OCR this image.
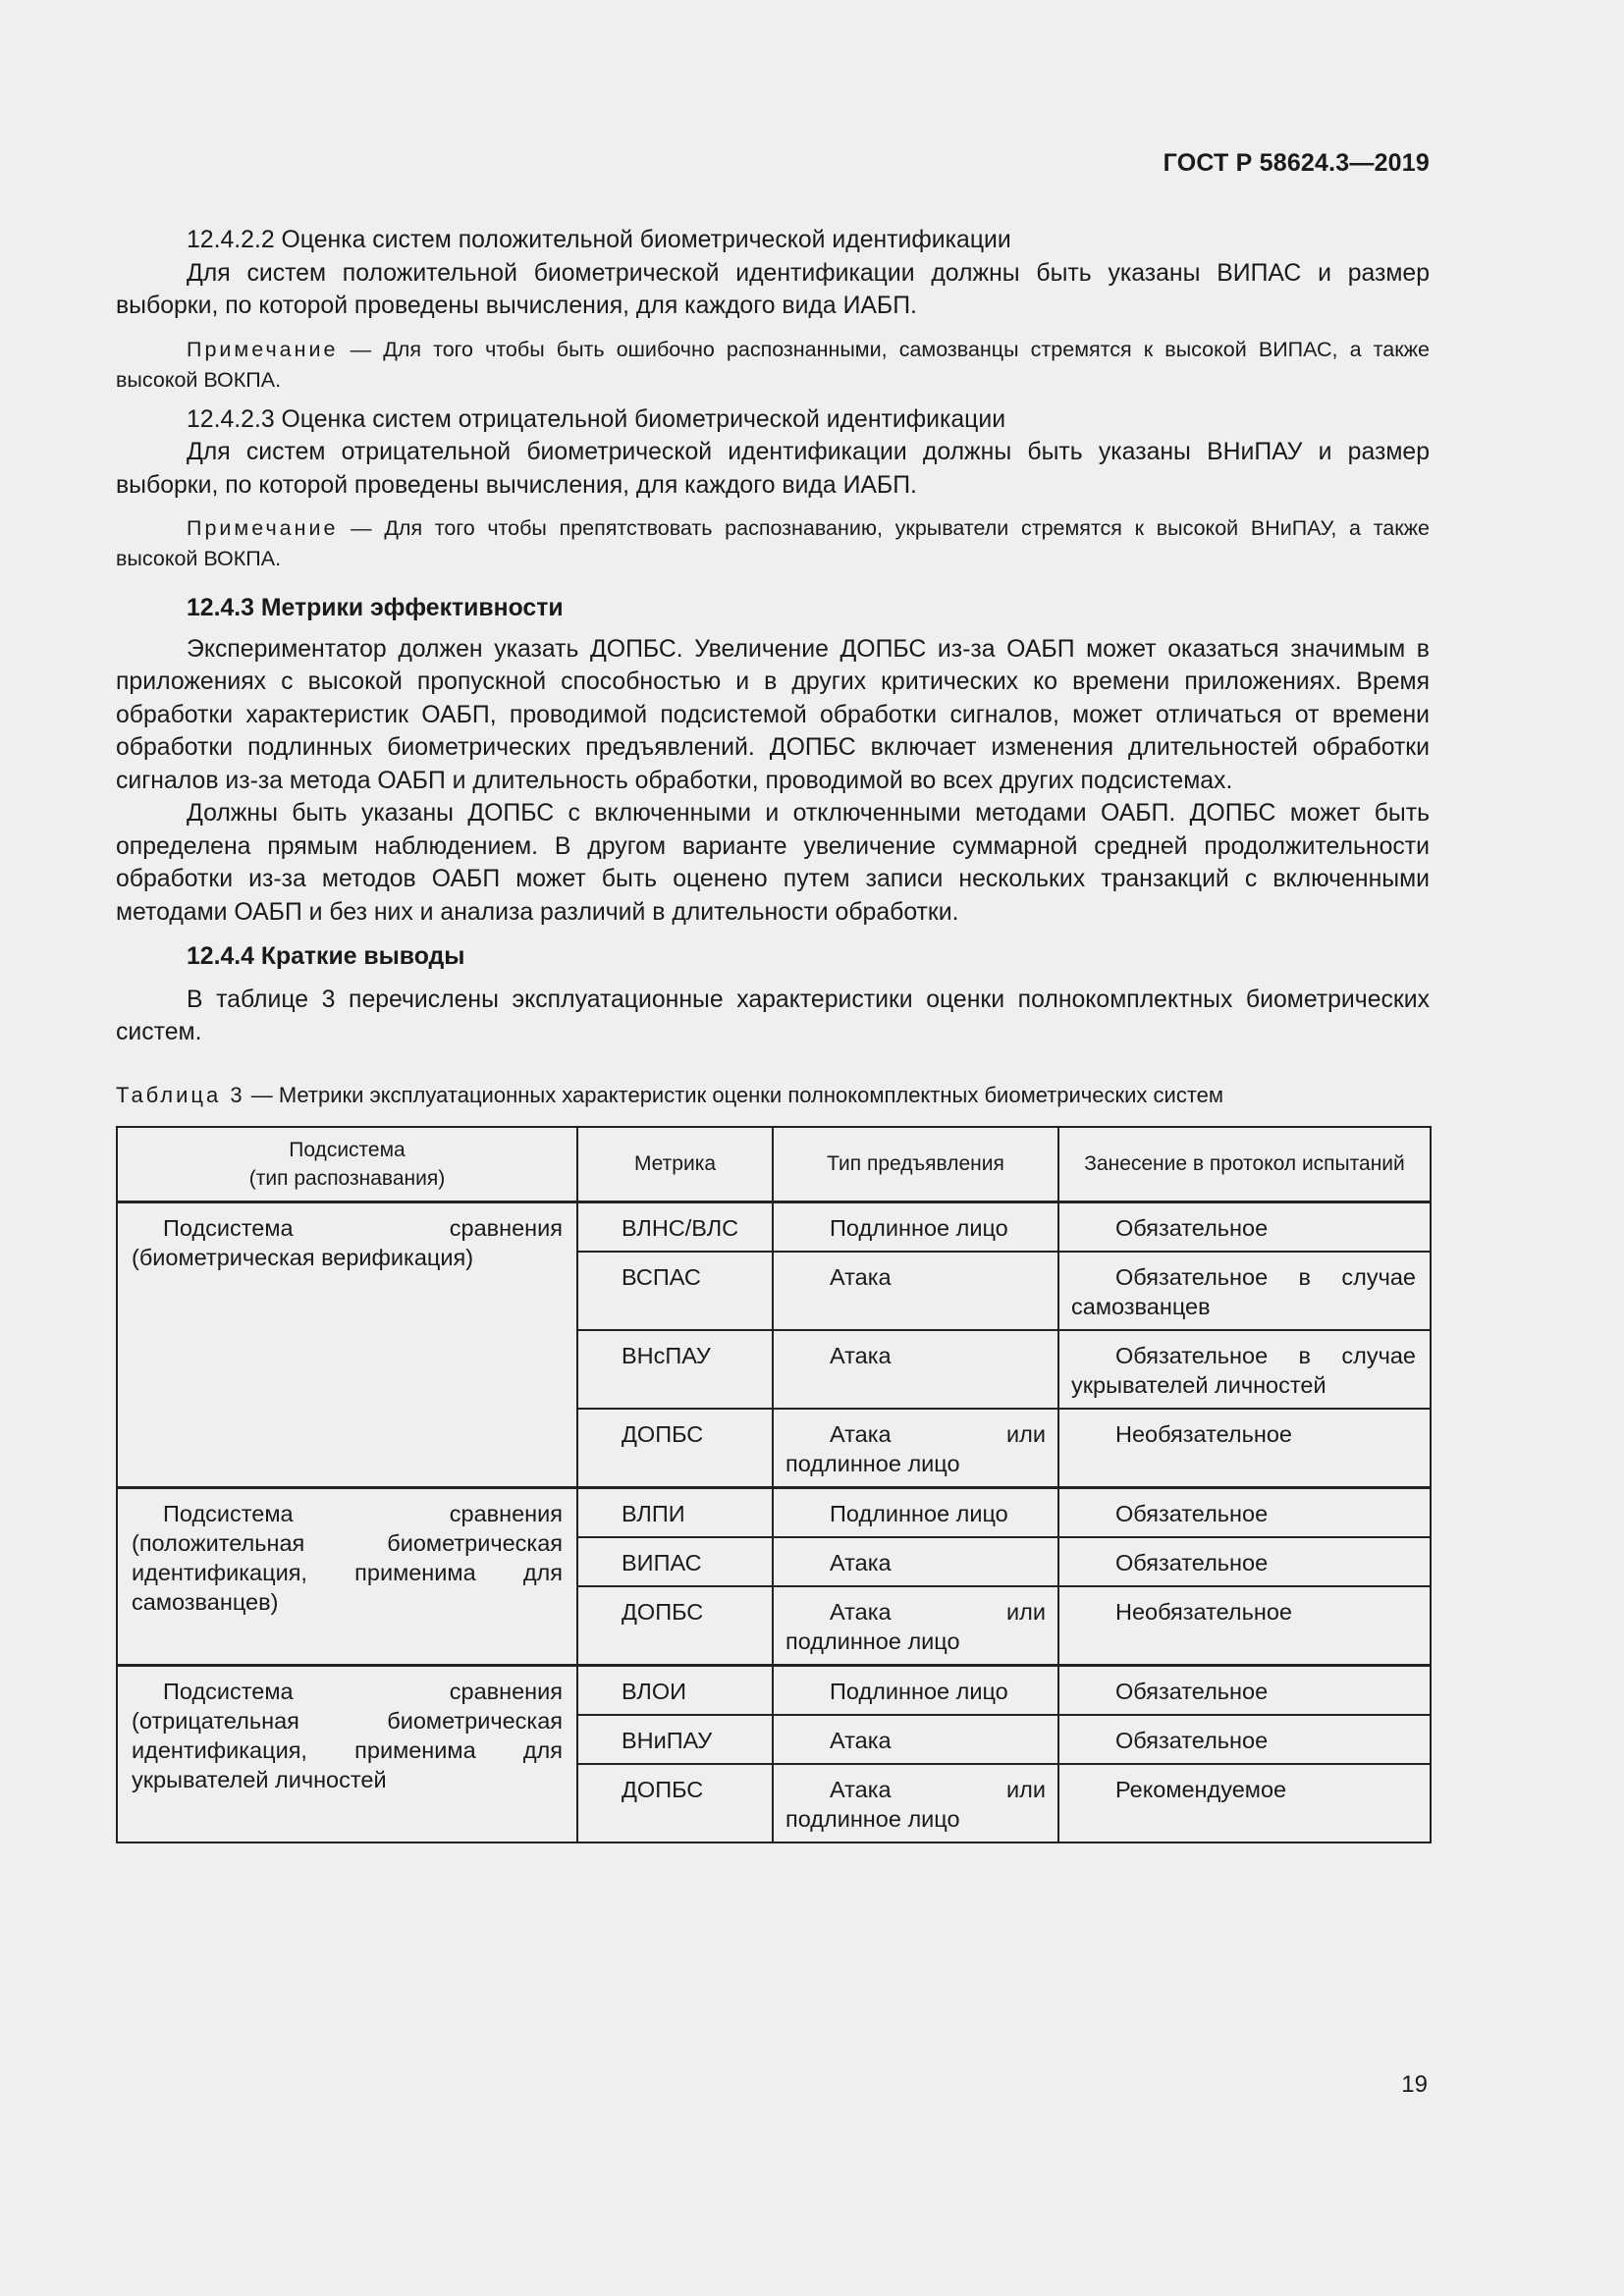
ГОСТ Р 58624.3—2019

12.4.2.2 Оценка систем положительной биометрической идентификации

Для систем положительной биометрической идентификации должны быть указаны ВИПАС и размер выборки, по которой проведены вычисления, для каждого вида ИАБП.

Примечание — Для того чтобы быть ошибочно распознанными, самозванцы стремятся к высокой ВИПАС, а также высокой ВОКПА.

12.4.2.3 Оценка систем отрицательной биометрической идентификации

Для систем отрицательной биометрической идентификации должны быть указаны ВНиПАУ и размер выборки, по которой проведены вычисления, для каждого вида ИАБП.

Примечание — Для того чтобы препятствовать распознаванию, укрыватели стремятся к высокой ВНиПАУ, а также высокой ВОКПА.

12.4.3 Метрики эффективности

Экспериментатор должен указать ДОПБС. Увеличение ДОПБС из-за ОАБП может оказаться значимым в приложениях с высокой пропускной способностью и в других критических ко времени приложениях. Время обработки характеристик ОАБП, проводимой подсистемой обработки сигналов, может отличаться от времени обработки подлинных биометрических предъявлений. ДОПБС включает изменения длительностей обработки сигналов из-за метода ОАБП и длительность обработки, проводимой во всех других подсистемах.

Должны быть указаны ДОПБС с включенными и отключенными методами ОАБП. ДОПБС может быть определена прямым наблюдением. В другом варианте увеличение суммарной средней продолжительности обработки из-за методов ОАБП может быть оценено путем записи нескольких транзакций с включенными методами ОАБП и без них и анализа различий в длительности обработки.

12.4.4 Краткие выводы

В таблице 3 перечислены эксплуатационные характеристики оценки полнокомплектных биометрических систем.

Таблица 3 — Метрики эксплуатационных характеристик оценки полнокомплектных биометрических систем

Подсистема
(тип распознавания)	Метрика	Тип предъявления	Занесение в протокол испытаний
Подсистема сравнения (биометрическая верификация)	ВЛНС/ВЛС	Подлинное лицо	Обязательное
	ВСПАС	Атака	Обязательное в случае самозванцев
	ВНсПАУ	Атака	Обязательное в случае укрывателей личностей
	ДОПБС	Атака или подлинное лицо	Необязательное
Подсистема сравнения (положительная биометрическая идентификация, применима для самозванцев)	ВЛПИ	Подлинное лицо	Обязательное
	ВИПАС	Атака	Обязательное
	ДОПБС	Атака или подлинное лицо	Необязательное
Подсистема сравнения (отрицательная биометрическая идентификация, применима для укрывателей личностей	ВЛОИ	Подлинное лицо	Обязательное
	ВНиПАУ	Атака	Обязательное
	ДОПБС	Атака или подлинное лицо	Рекомендуемое
19
